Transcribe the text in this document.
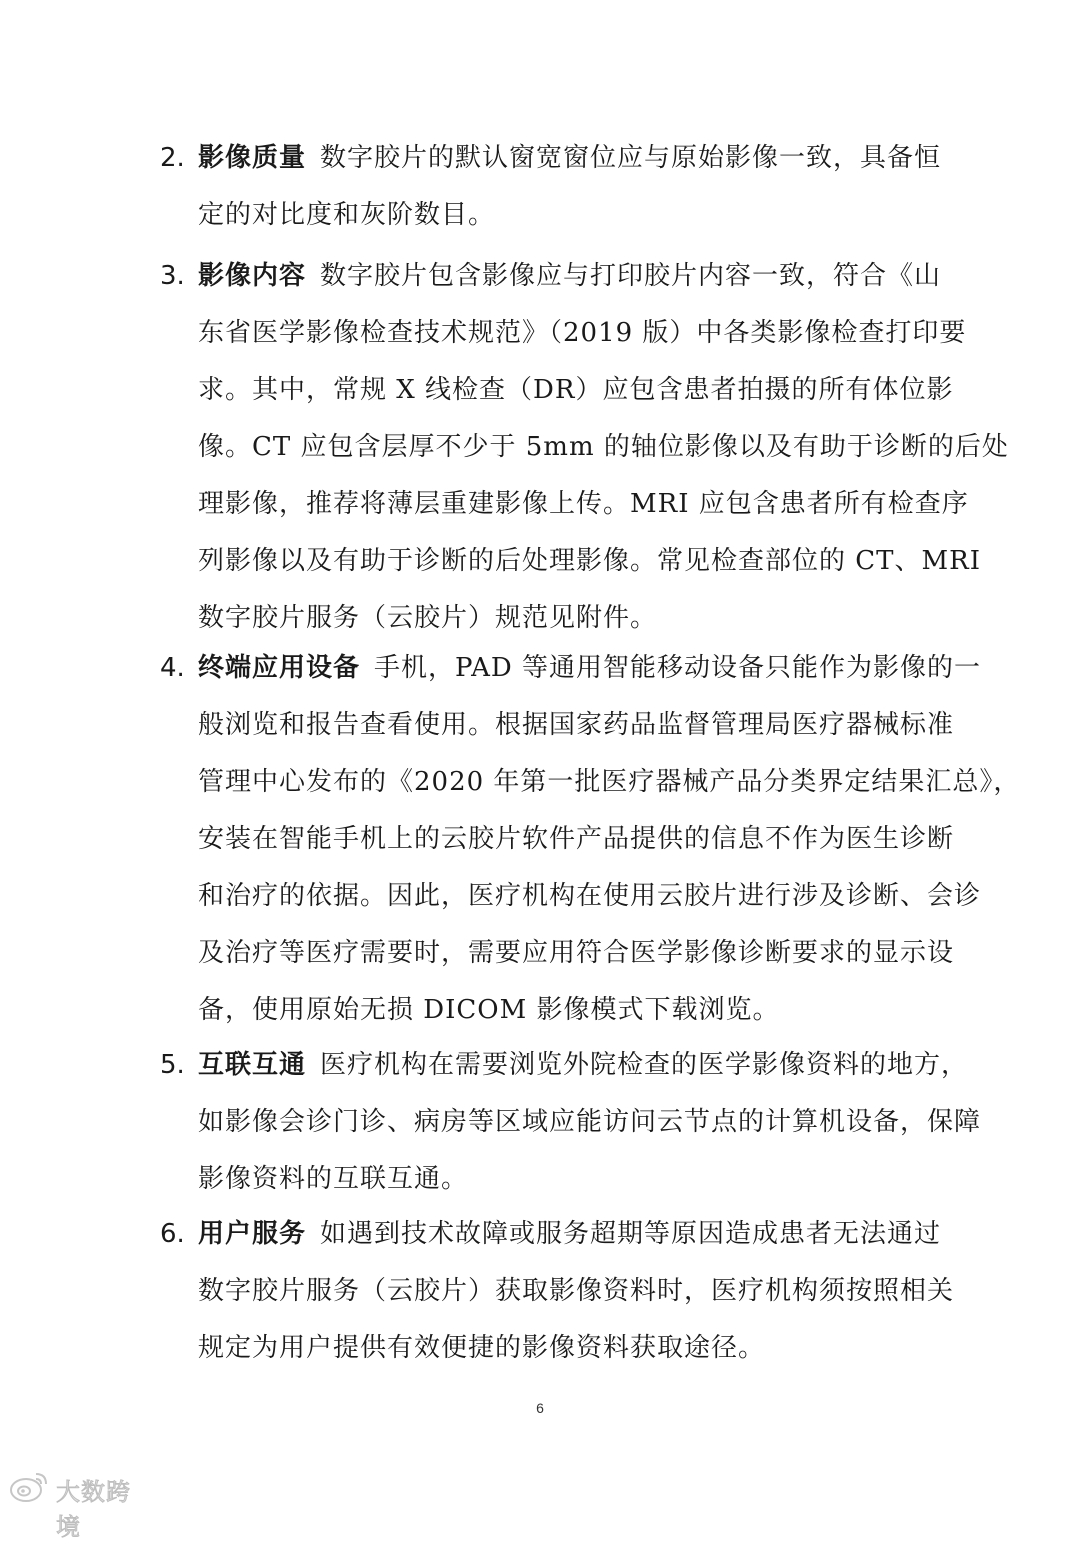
2. 影像质量 数字胶片的默认窗宽窗位应与原始影像一致，具备恒
定的对比度和灰阶数目。
3. 影像内容 数字胶片包含影像应与打印胶片内容一致，符合《山
东省医学影像检查技术规范》（2019 版）中各类影像检查打印要
求。其中，常规 X 线检查（DR）应包含患者拍摄的所有体位影
像。CT 应包含层厚不少于 5mm 的轴位影像以及有助于诊断的后处
理影像，推荐将薄层重建影像上传。MRI 应包含患者所有检查序
列影像以及有助于诊断的后处理影像。常见检查部位的 CT、MRI
数字胶片服务（云胶片）规范见附件。
4. 终端应用设备 手机，PAD 等通用智能移动设备只能作为影像的一
般浏览和报告查看使用。根据国家药品监督管理局医疗器械标准
管理中心发布的《2020 年第一批医疗器械产品分类界定结果汇总》，
安装在智能手机上的云胶片软件产品提供的信息不作为医生诊断
和治疗的依据。因此，医疗机构在使用云胶片进行涉及诊断、会诊
及治疗等医疗需要时，需要应用符合医学影像诊断要求的显示设
备，使用原始无损 DICOM 影像模式下载浏览。
5. 互联互通 医疗机构在需要浏览外院检查的医学影像资料的地方，
如影像会诊门诊、病房等区域应能访问云节点的计算机设备，保障
影像资料的互联互通。
6. 用户服务 如遇到技术故障或服务超期等原因造成患者无法通过
数字胶片服务（云胶片）获取影像资料时，医疗机构须按照相关
规定为用户提供有效便捷的影像资料获取途径。
6
大数跨境
